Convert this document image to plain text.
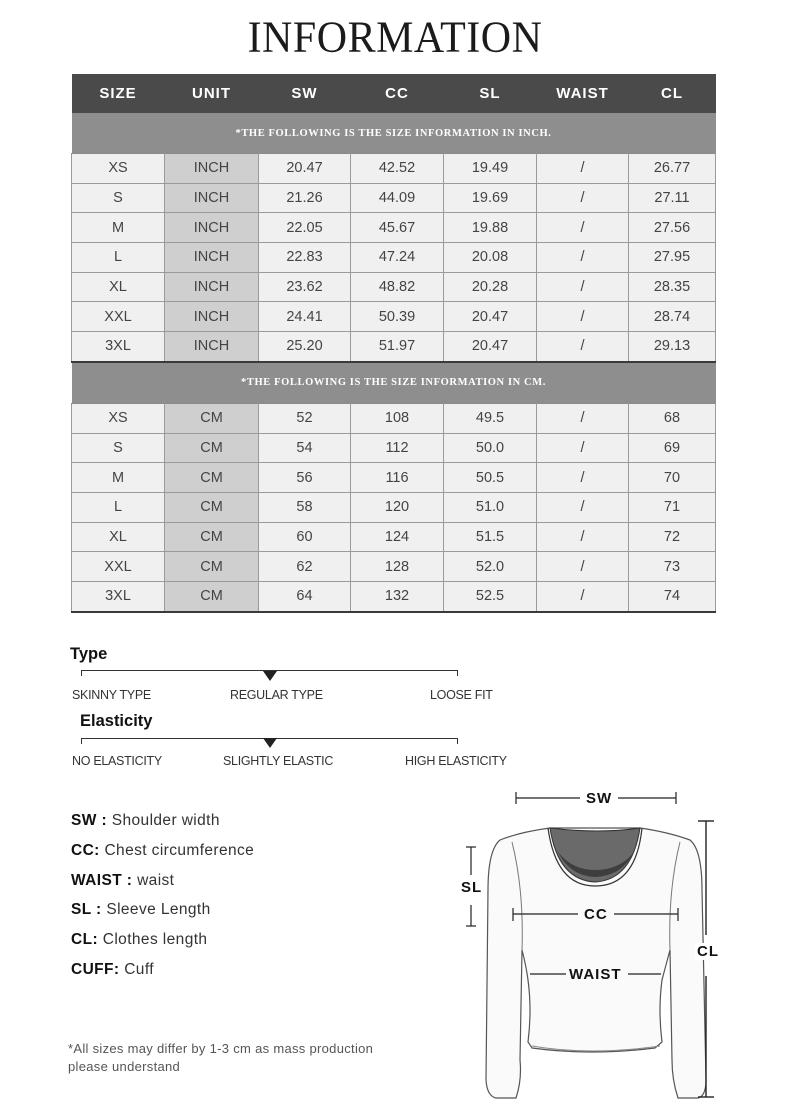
INFORMATION
SIZE	UNIT	SW	CC	SL	WAIST	CL
*THE FOLLOWING IS THE SIZE INFORMATION IN INCH.						
XS	INCH	20.47	42.52	19.49	/	26.77
S	INCH	21.26	44.09	19.69	/	27.11
M	INCH	22.05	45.67	19.88	/	27.56
L	INCH	22.83	47.24	20.08	/	27.95
XL	INCH	23.62	48.82	20.28	/	28.35
XXL	INCH	24.41	50.39	20.47	/	28.74
3XL	INCH	25.20	51.97	20.47	/	29.13
*THE FOLLOWING IS THE SIZE INFORMATION IN CM.						
XS	CM	52	108	49.5	/	68
S	CM	54	112	50.0	/	69
M	CM	56	116	50.5	/	70
L	CM	58	120	51.0	/	71
XL	CM	60	124	51.5	/	72
XXL	CM	62	128	52.0	/	73
3XL	CM	64	132	52.5	/	74
Type
SKINNY TYPE	REGULAR TYPE	LOOSE FIT
Elasticity
NO ELASTICITY	SLIGHTLY ELASTIC	HIGH ELASTICITY
SW : Shoulder width
CC: Chest circumference
WAIST : waist
SL : Sleeve Length
CL: Clothes length
CUFF: Cuff
*All sizes may differ by 1-3 cm as mass production
please understand
SW
SL
CC
WAIST
CL
